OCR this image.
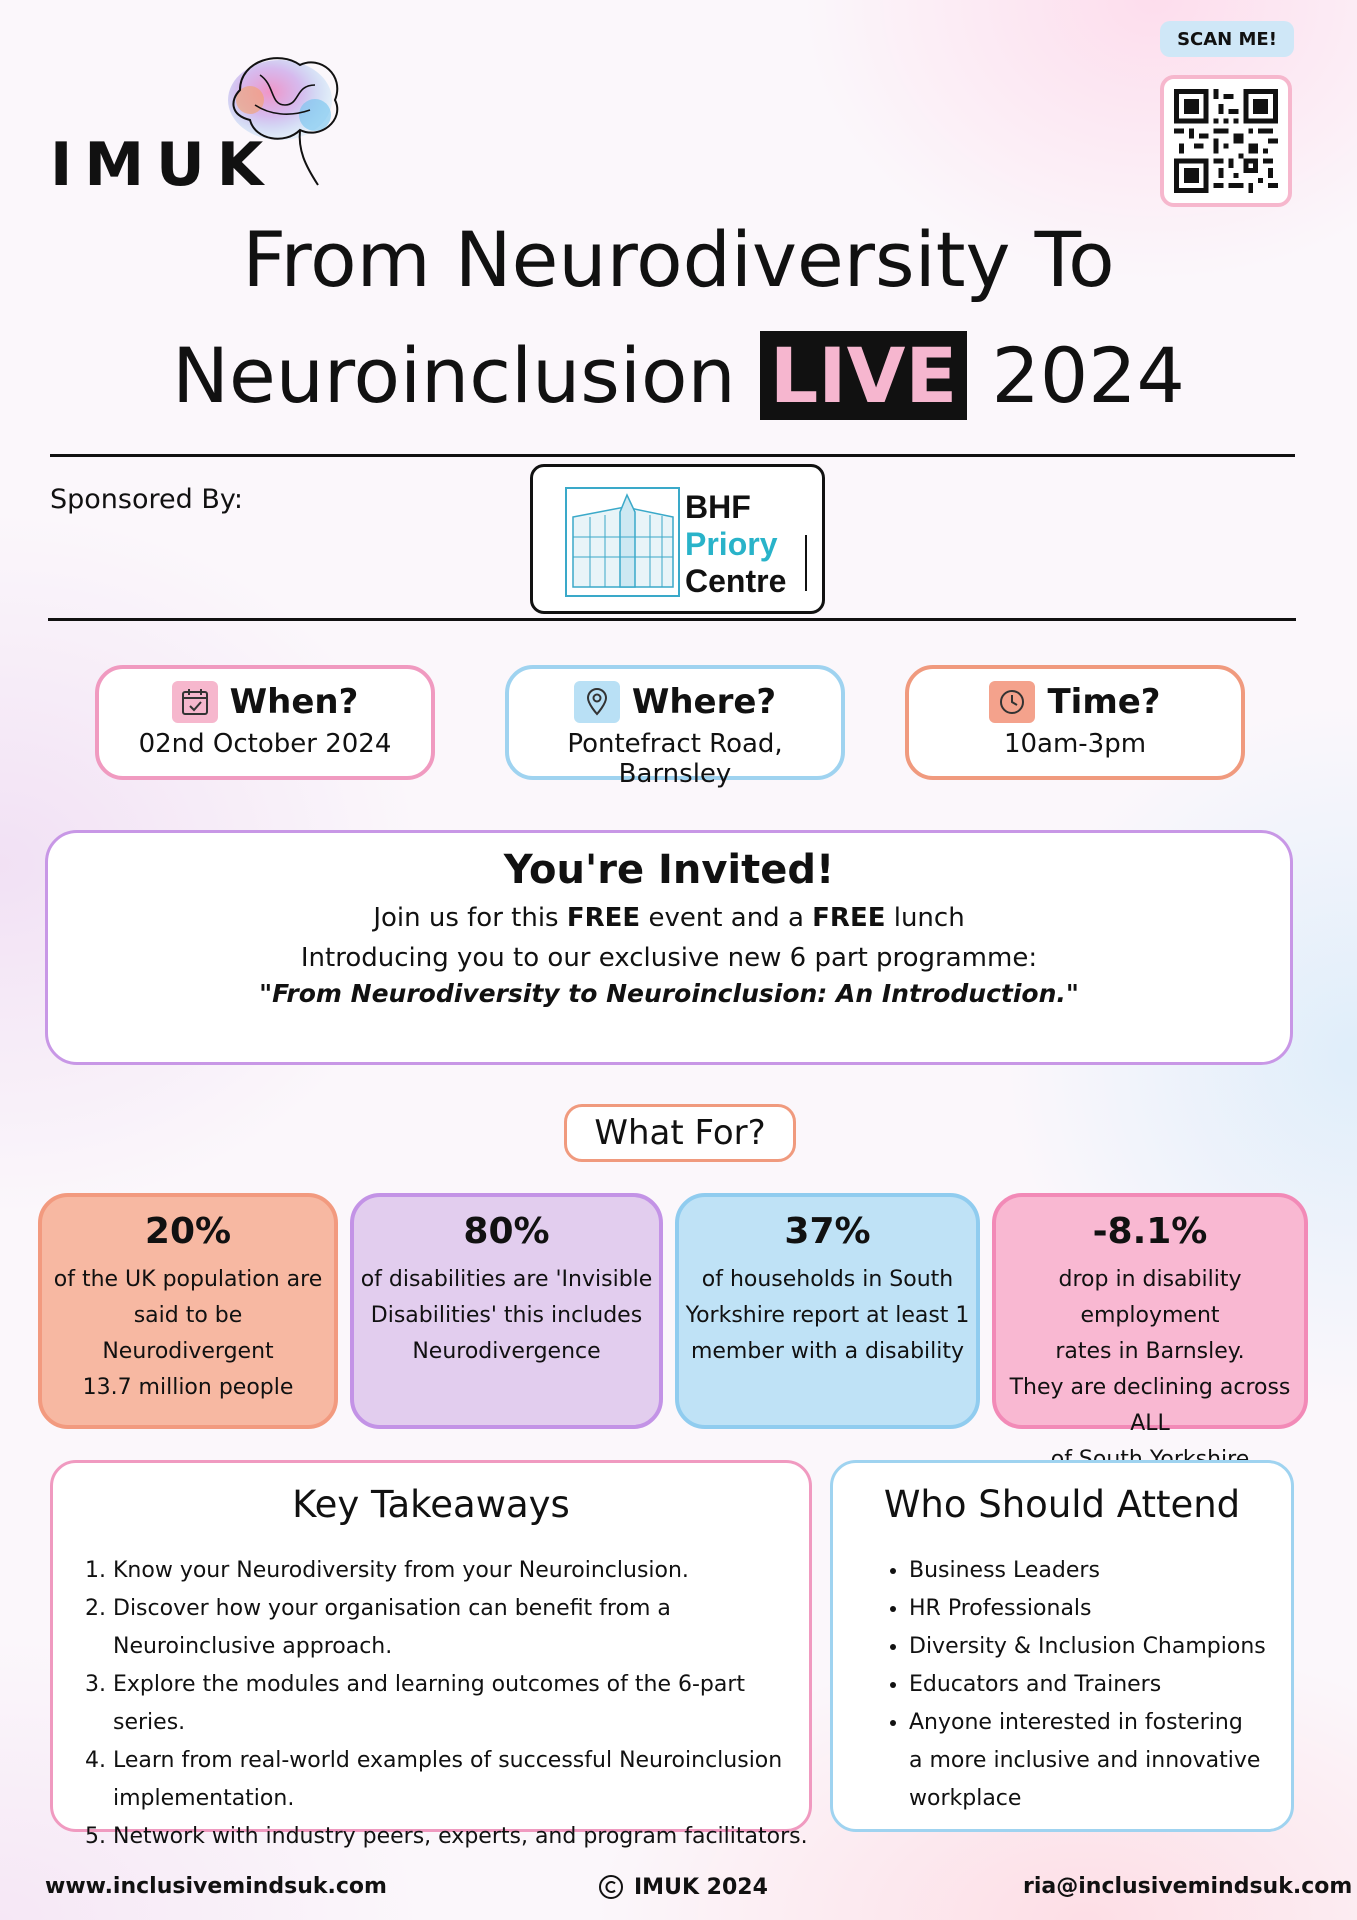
IMUK
SCAN ME!
From Neurodiversity To
Neuroinclusion LIVE 2024
Sponsored By:	BHF
Priory
Centre
When?
02nd October 2024
Where?
Pontefract Road, Barnsley
Time?
10am-3pm
You're Invited!
Join us for this FREE event and a FREE lunch
Introducing you to our exclusive new 6 part programme:
"From Neurodiversity to Neuroinclusion: An Introduction."
What For?
20%
of the UK population are
said to be Neurodivergent
13.7 million people
80%
of disabilities are 'Invisible
Disabilities' this includes
Neurodivergence
37%
of households in South
Yorkshire report at least 1
member with a disability
-8.1%
drop in disability employment
rates in Barnsley.
They are declining across ALL
Key Takeaways
1. Know your Neurodiversity from your Neuroinclusion.
2. Discover how your organisation can benefit from a Neuroinclusive approach.
3. Explore the modules and learning outcomes of the 6-part series.
4. Learn from real-world examples of successful Neuroinclusion implementation.
5. Network with industry peers, experts, and program facilitators.
Who Should Attend
• Business Leaders
• HR Professionals
• Diversity & Inclusion Champions
• Educators and Trainers
• Anyone interested in fostering a more inclusive and innovative workplace
www.inclusivemindsuk.com	IMUK 2024	ria@inclusivemindsuk.com
